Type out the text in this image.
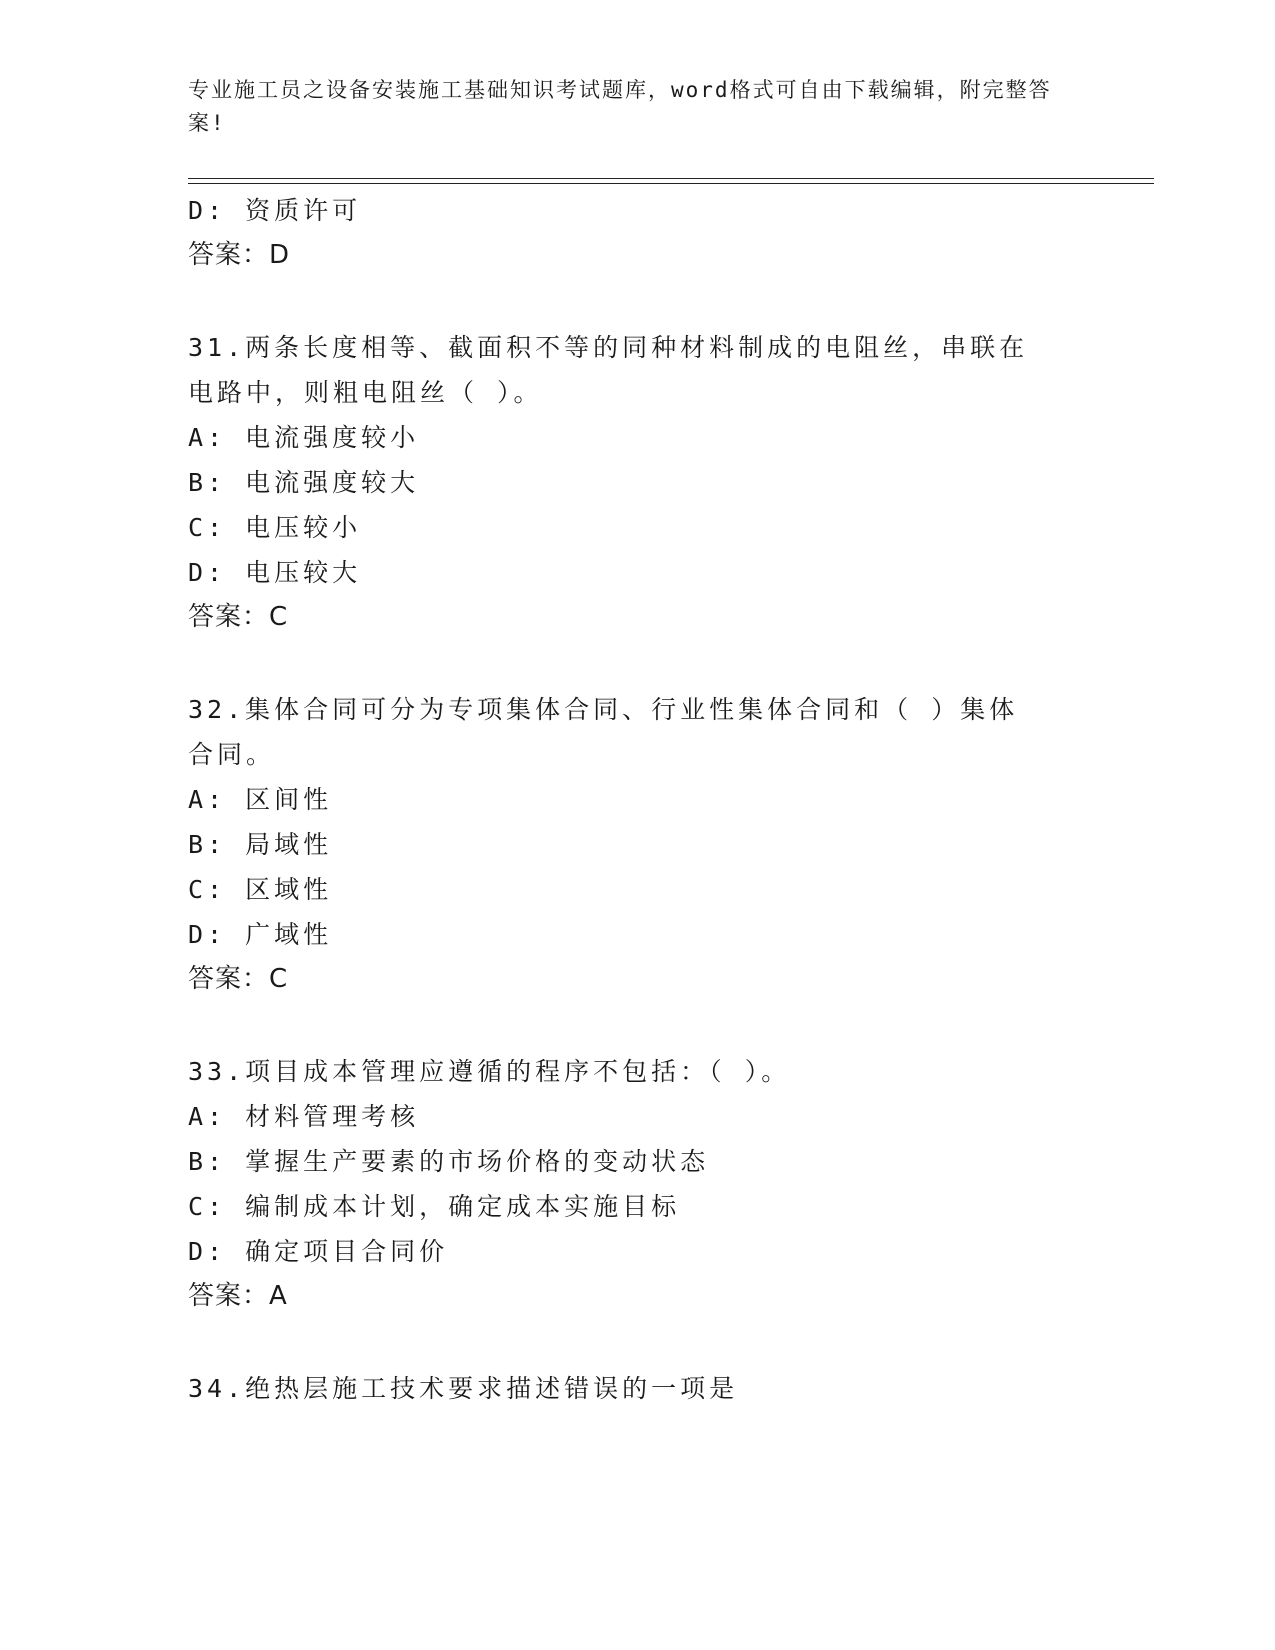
专业施工员之设备安装施工基础知识考试题库，word格式可自由下载编辑，附完整答案!
D: 资质许可
答案：D
31.两条长度相等、截面积不等的同种材料制成的电阻丝，串联在电路中，则粗电阻丝（ ）。
A: 电流强度较小
B: 电流强度较大
C: 电压较小
D: 电压较大
答案：C
32.集体合同可分为专项集体合同、行业性集体合同和（ ）集体合同。
A: 区间性
B: 局域性
C: 区域性
D: 广域性
答案：C
33.项目成本管理应遵循的程序不包括：（ ）。
A: 材料管理考核
B: 掌握生产要素的市场价格的变动状态
C: 编制成本计划，确定成本实施目标
D: 确定项目合同价
答案：A
34.绝热层施工技术要求描述错误的一项是
